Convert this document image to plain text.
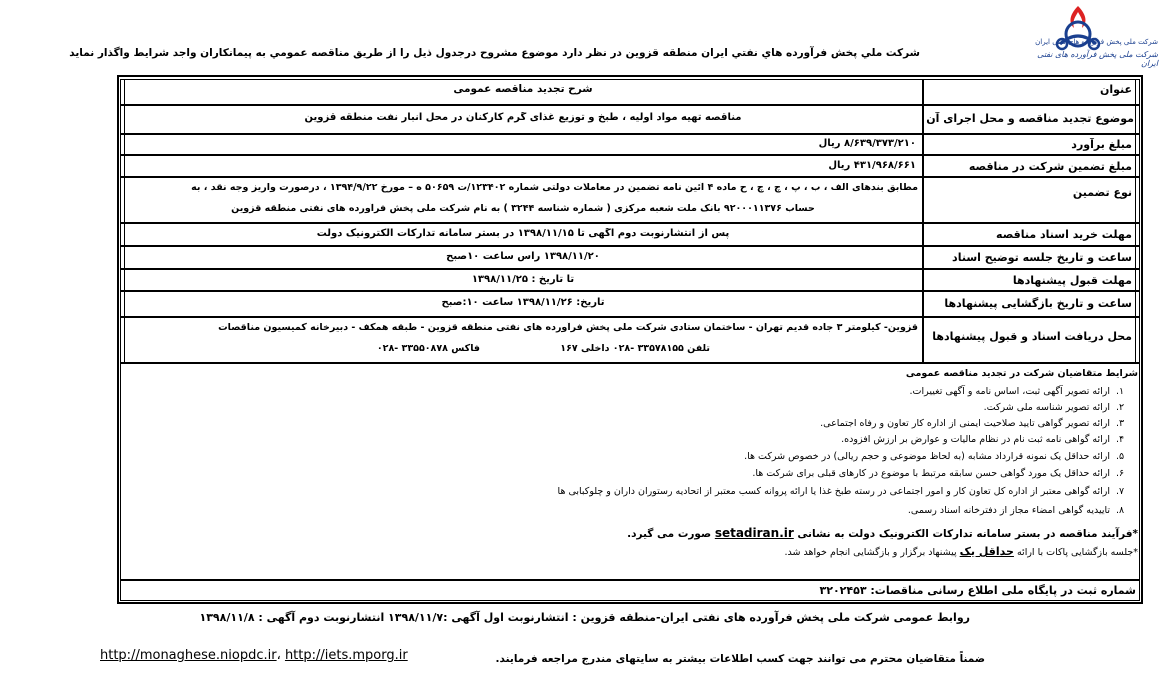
شرکت ملی پخش فرآورده های نفتی ایران
شرکت ملی پخش فرآورده های نفتی ایران
شرکت ملي پخش فرآورده هاي نفتي ايران منطقه قزوين در نظر دارد موضوع مشروح درجدول ذيل را از طريق مناقصه عمومي به پيمانكاران واجد شرايط واگذار نمايد
عنوان
شرح تجدید مناقصه عمومی
موضوع تجدید مناقصه و محل اجرای آن
مناقصه تهیه مواد اولیه ، طبخ و توزیع غذای گرم کارکنان در محل انبار نفت منطقه قزوین
مبلغ برآورد
۸/۶۳۹/۳۷۳/۲۱۰ ریال
مبلغ تضمین شرکت در مناقصه
۴۳۱/۹۶۸/۶۶۱ ریال
نوع تضمین
مطابق بندهای الف ، ب ، پ ، چ ، چ ، ح ماده ۴ آئین نامه تضمین در معاملات دولتی شماره ۱۲۳۴۰۲/ت ۵۰۶۵۹ ه – مورخ ۱۳۹۴/۹/۲۲ ، درصورت واریز وجه نقد ، به
حساب ۹۲۰۰۰۱۱۳۷۶ بانک ملت شعبه مرکزی ( شماره شناسه ۳۲۴۴ ) به نام شرکت ملی پخش فرآورده های نفتی منطقه قزوین
مهلت خرید اسناد مناقصه
پس از انتشارنوبت دوم آگهی تا ۱۳۹۸/۱۱/۱۵ در بستر سامانه تدارکات الکترونیک دولت
ساعت و تاریخ جلسه توضیح اسناد
۱۳۹۸/۱۱/۲۰ راس ساعت ۱۰صبح
مهلت قبول پیشنهادها
تا تاریخ : ۱۳۹۸/۱۱/۲۵
ساعت و تاریخ بازگشایی پیشنهادها
تاریخ: ۱۳۹۸/۱۱/۲۶ ساعت ۱۰:صبح
محل دریافت اسناد و قبول پیشنهادها
قزوین- کیلومتر ۳ جاده قدیم تهران - ساختمان ستادی شرکت ملی پخش فرآورده های نفتی منطقه قزوین - طبقه همکف - دبیرخانه کمیسیون مناقصات
تلفن ۳۳۵۷۸۱۵۵ -۰۲۸ داخلی ۱۶۷
فاکس ۳۳۵۵۰۸۷۸ -۰۲۸
شرایط متقاضیان شرکت در تجدید مناقصه عمومی
۱.ارائه تصویر آگهی ثبت، اساس نامه و آگهی تغییرات.
۲.ارائه تصویر شناسه ملی شرکت.
۳.ارائه تصویر گواهی تایید صلاحیت ایمنی از اداره کار تعاون و رفاه اجتماعی.
۴.ارائه گواهی نامه ثبت نام در نظام مالیات و عوارض بر ارزش افزوده.
۵.ارائه حداقل یک نمونه قرارداد مشابه (به لحاظ موضوعی و حجم ریالی) در خصوص شرکت ها.
۶.ارائه حداقل یک مورد گواهی حسن سابقه مرتبط با موضوع در کارهای قبلی برای شرکت ها.
۷.ارائه گواهی معتبر از اداره کل تعاون کار و امور اجتماعی در رسته طبخ غذا یا ارائه پروانه کسب معتبر از اتحادیه رستوران داران و چلوکبابی ها
۸.تاییدیه گواهی امضاء مجاز از دفترخانه اسناد رسمی.
*فرآیند مناقصه در بستر سامانه تدارکات الکترونیک دولت به نشانی setadiran.ir صورت می گیرد.
*جلسه بازگشایی پاکات با ارائه حداقل یک پیشنهاد برگزار و بازگشایی انجام خواهد شد.
شماره ثبت در پایگاه ملی اطلاع رسانی مناقصات: ۳۲۰۲۴۵۳
روابط عمومی شرکت ملی پخش فرآورده های نفتی ایران-منطقه قزوین : انتشارنوبت اول آگهی :۱۳۹۸/۱۱/۷ انتشارنوبت دوم آگهی : ۱۳۹۸/۱۱/۸
ضمناً متقاضیان محترم می توانند جهت کسب اطلاعات بیشتر به سایتهای مندرج مراجعه فرمایند.
http://monaghese.niopdc.ir، http://iets.mporg.ir
